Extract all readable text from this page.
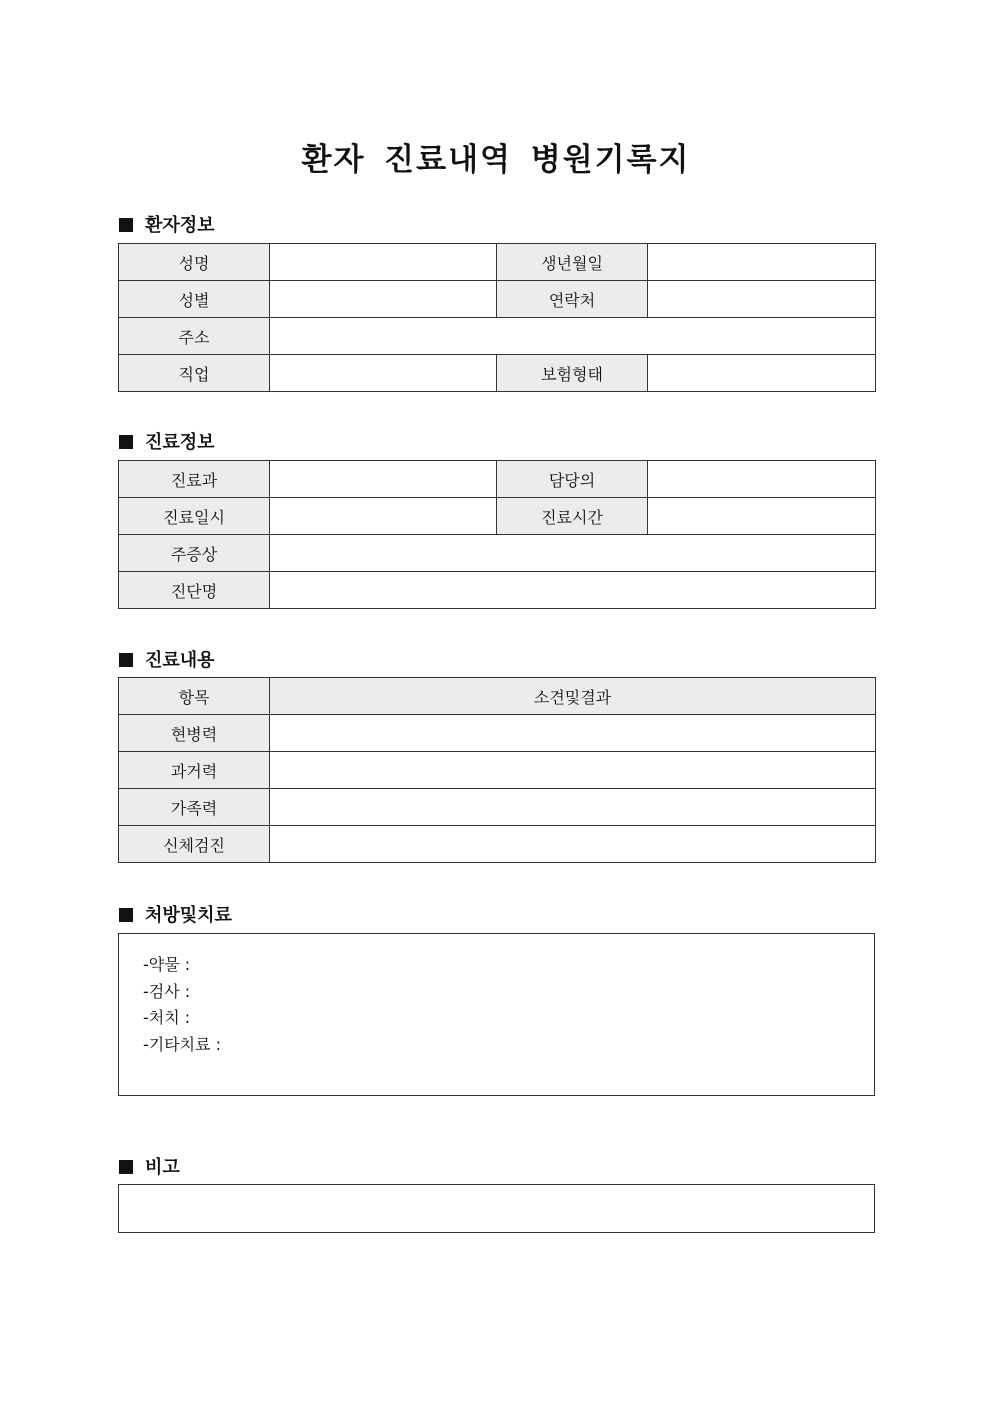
환자 진료내역 병원기록지
환자정보
성명		생년월일	
성별		연락처	
주소			
직업		보험형태	
진료정보
진료과		담당의	
진료일시		진료시간	
주증상			
진단명			
진료내용
항목	소견및결과
현병력	
과거력	
가족력	
신체검진	
처방및치료
-약물 :
-검사 :
-처치 :
-기타치료 :
비고
